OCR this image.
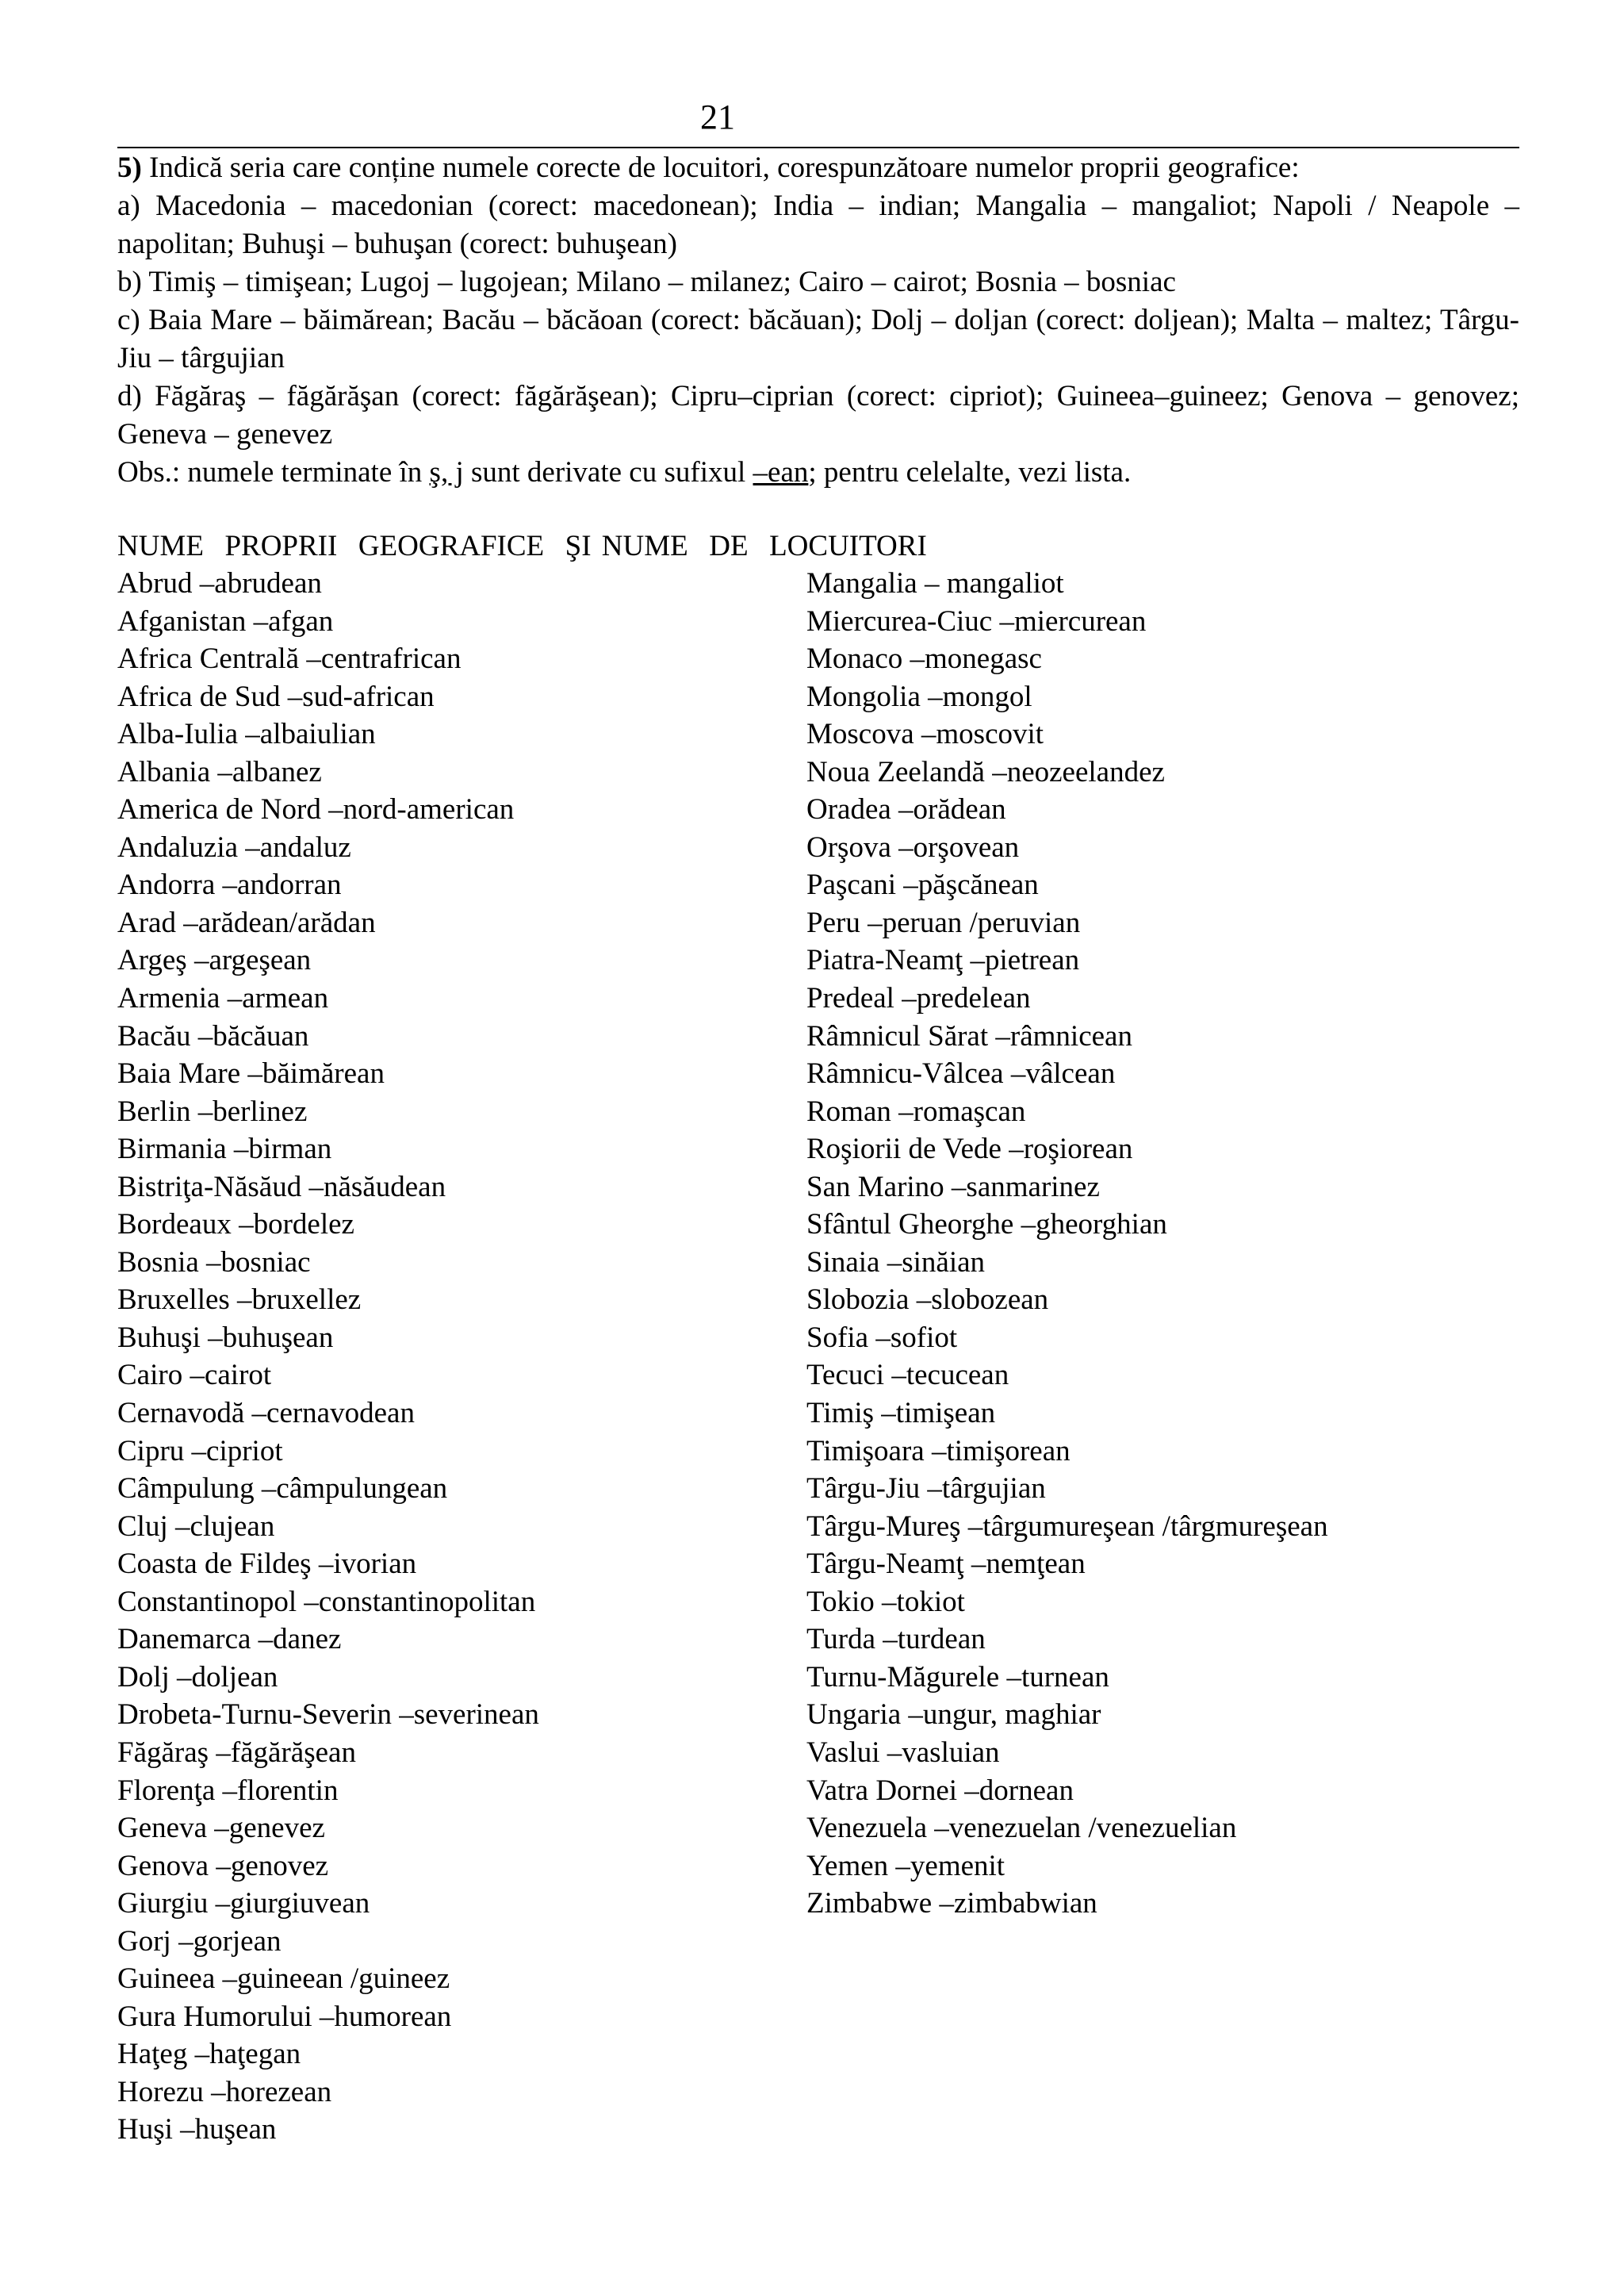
21

5) Indică seria care conține numele corecte de locuitori, corespunzătoare numelor proprii geografice:

a) Macedonia – macedonian (corect: macedonean); India – indian; Mangalia – mangaliot; Napoli / Neapole – napolitan; Buhuşi – buhuşan (corect: buhuşean)

b) Timiş – timişean; Lugoj – lugojean; Milano – milanez; Cairo – cairot; Bosnia – bosniac

c) Baia Mare – băimărean; Bacău – băcăoan (corect: băcăuan); Dolj – doljan (corect: doljean); Malta – maltez; Târgu-Jiu – târgujian

d) Făgăraş – făgărăşan (corect: făgărăşean); Cipru–ciprian (corect: cipriot); Guineea–guineez; Genova – genovez; Geneva – genevez

Obs.: numele terminate în ş, j sunt derivate cu sufixul –ean; pentru celelalte, vezi lista.

NUME  PROPRII  GEOGRAFICE  ŞI NUME  DE  LOCUITORI
Abrud –abrudean
Afganistan –afgan
Africa Centrală –centrafrican
Africa de Sud –sud-african
Alba-Iulia –albaiulian
Albania –albanez
America de Nord –nord-american
Andaluzia –andaluz
Andorra –andorran
Arad –arădean/arădan
Argeş –argeşean
Armenia –armean
Bacău –băcăuan
Baia Mare –băimărean
Berlin –berlinez
Birmania –birman
Bistriţa-Năsăud –năsăudean
Bordeaux –bordelez
Bosnia –bosniac
Bruxelles –bruxellez
Buhuşi –buhuşean
Cairo –cairot
Cernavodă –cernavodean
Cipru –cipriot
Câmpulung –câmpulungean
Cluj –clujean
Coasta de Fildeş –ivorian
Constantinopol –constantinopolitan
Danemarca –danez
Dolj –doljean
Drobeta-Turnu-Severin –severinean
Făgăraş –făgărăşean
Florenţa –florentin
Geneva –genevez
Genova –genovez
Giurgiu –giurgiuvean
Gorj –gorjean
Guineea –guineean /guineez
Gura Humorului –humorean
Haţeg –haţegan
Horezu –horezean
Huşi –huşean
Mangalia – mangaliot
Miercurea-Ciuc –miercurean
Monaco –monegasc
Mongolia –mongol
Moscova –moscovit
Noua Zeelandă –neozeelandez
Oradea –orădean
Orşova –orşovean
Paşcani –păşcănean
Peru –peruan /peruvian
Piatra-Neamţ –pietrean
Predeal –predelean
Râmnicul Sărat –râmnicean
Râmnicu-Vâlcea –vâlcean
Roman –romaşcan
Roşiorii de Vede –roşiorean
San Marino –sanmarinez
Sfântul Gheorghe –gheorghian
Sinaia –sinăian
Slobozia –slobozean
Sofia –sofiot
Tecuci –tecucean
Timiş –timişean
Timişoara –timişorean
Târgu-Jiu –târgujian
Târgu-Mureş –târgumureşean /târgmureşean
Târgu-Neamţ –nemţean
Tokio –tokiot
Turda –turdean
Turnu-Măgurele –turnean
Ungaria –ungur, maghiar
Vaslui –vasluian
Vatra Dornei –dornean
Venezuela –venezuelan /venezuelian
Yemen –yemenit
Zimbabwe –zimbabwian
